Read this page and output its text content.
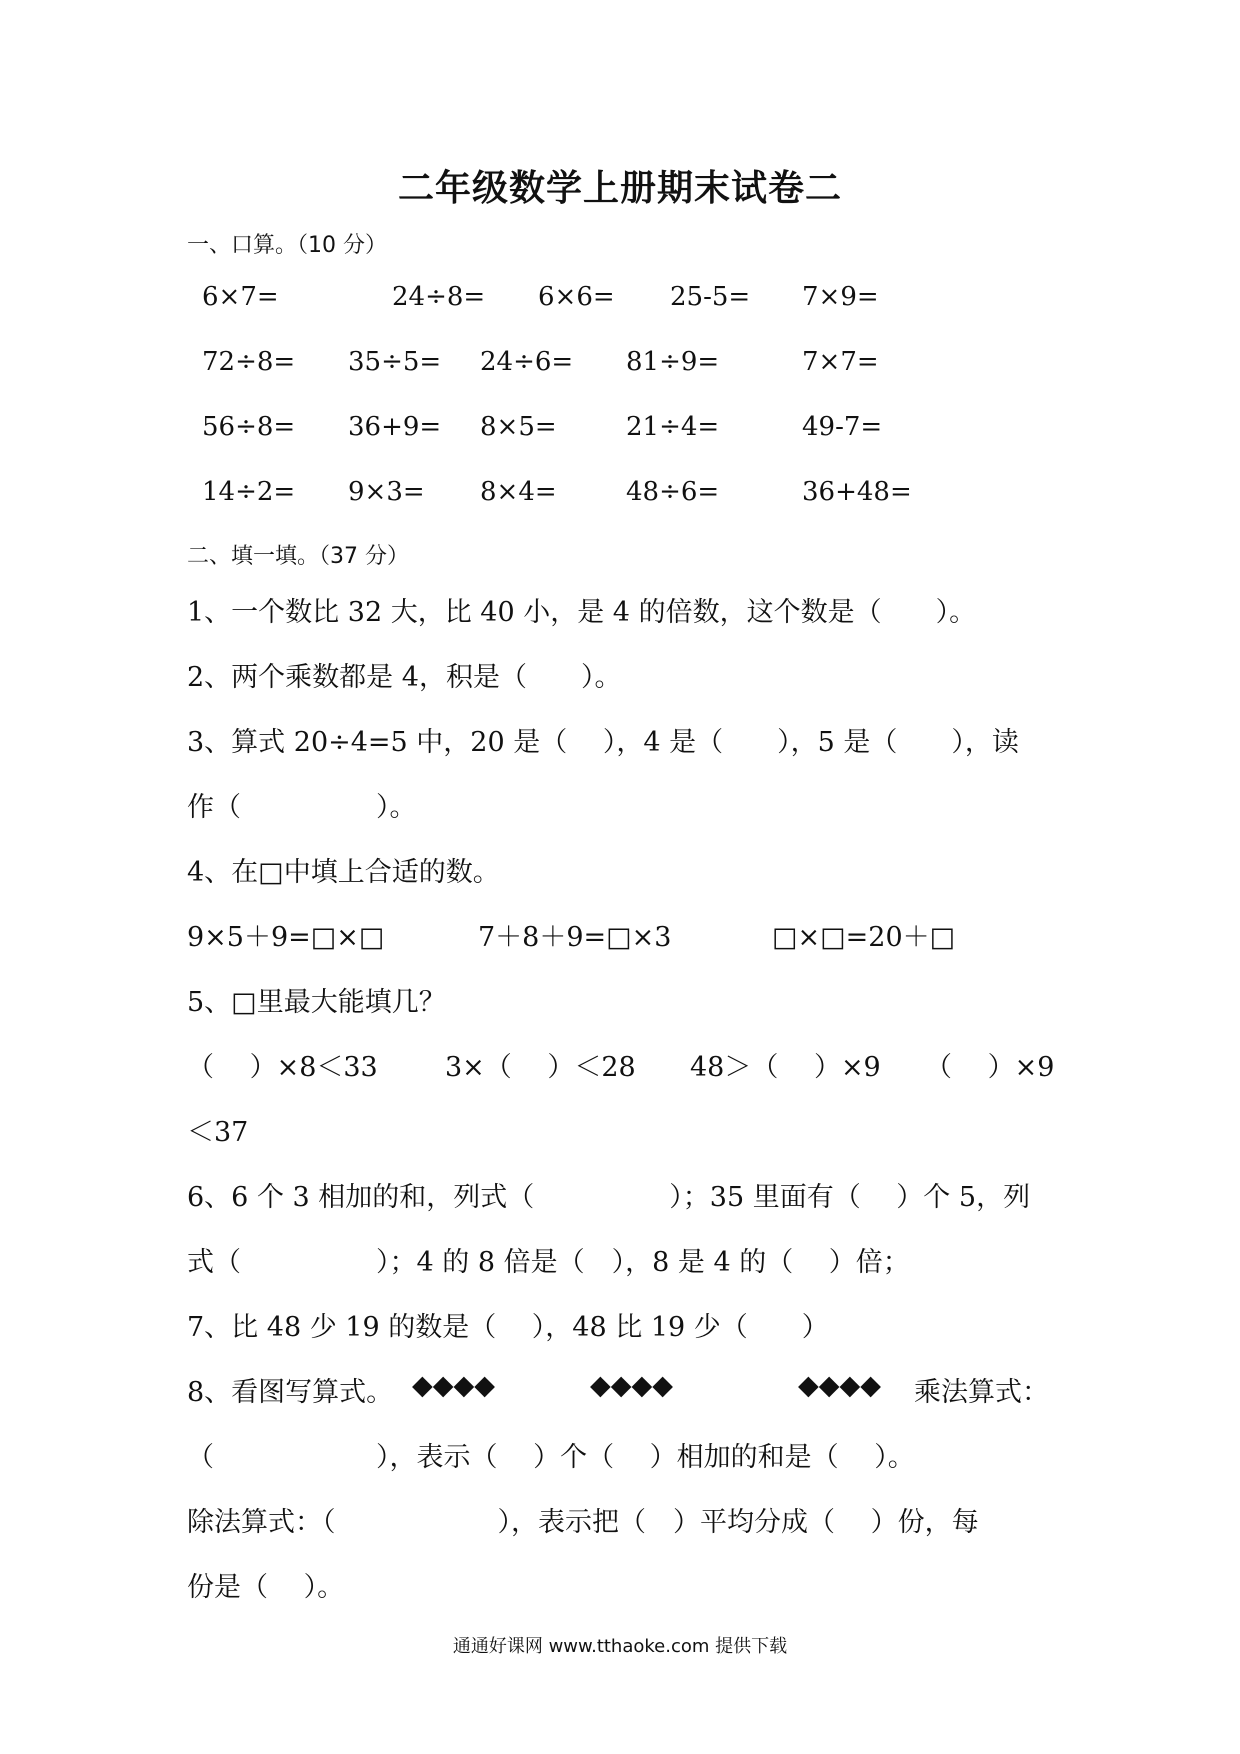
二年级数学上册期末试卷二
一、口算。（10 分）
6×7=	24÷8= 6×6= 25-5= 7×9=
72÷8= 35÷5= 24÷6= 81÷9=	7×7=
56÷8= 36+9= 8×5=	21÷4=	49-7=
14÷2= 9×3= 8×4=	48÷6=	36+48=
二、填一填。（37 分）
1、一个数比 32 大，比 40 小，是 4 的倍数，这个数是（　　）。
2、两个乘数都是 4，积是（　　）。
3、算式 20÷4=5 中，20 是（　 ），4 是（　　），5 是（　　），读
作（　　　　　）。
4、在□中填上合适的数。
9×5＋9=□×□	7＋8＋9=□×3	□×□=20＋□
5、□里最大能填几？
（　 ）×8＜33 3×（　 ）＜28 48＞（　 ）×9 （　 ）×9
＜37
6、6 个 3 相加的和，列式（　　　　　）；35 里面有（　 ）个 5，列
式（　　　　　）；4 的 8 倍是（　），8 是 4 的（　 ）倍；
7、比 48 少 19 的数是（　 ），48 比 19 少（　　）
8、看图写算式。 ◆◆◆◆	◆◆◆◆	◆◆◆◆ 乘法算式：
（　　　　　　），表示（　 ）个（　 ）相加的和是（　 ）。
除法算式：（　　　　　　），表示把（　）平均分成（　 ）份，每
份是（　 ）。
通通好课网 www.tthaoke.com 提供下载
